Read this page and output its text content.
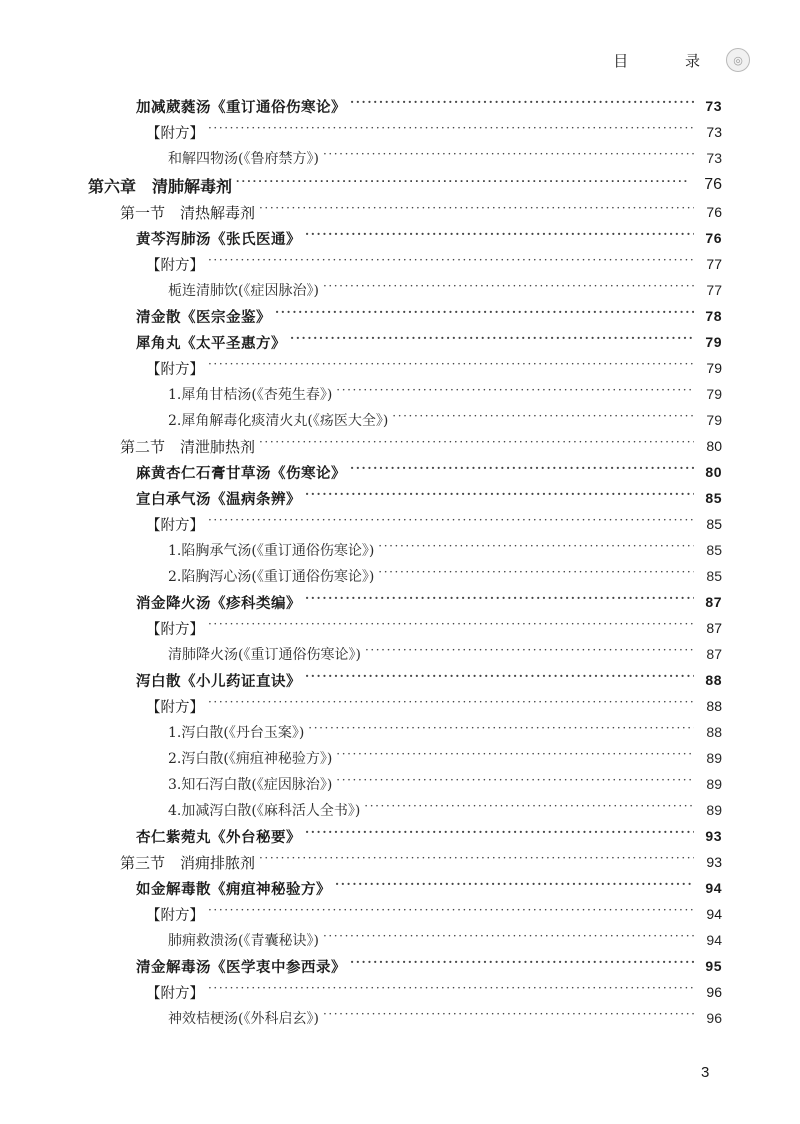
目 录 ◎
加减葳蕤汤《重订通俗伤寒论》 ·····	73
【附方】 ·····	73
和解四物汤(《鲁府禁方》) ·····	73
第六章　清肺解毒剂 ·····	76
第一节　清热解毒剂 ·····	76
黄芩泻肺汤《张氏医通》 ·····	76
【附方】 ·····	77
栀连清肺饮(《症因脉治》) ·····	77
清金散《医宗金鉴》 ·····	78
犀角丸《太平圣惠方》 ·····	79
【附方】 ·····	79
1.犀角甘桔汤(《杏苑生春》) ·····	79
2.犀角解毒化痰清火丸(《疡医大全》) ·····	79
第二节　清泄肺热剂 ·····	80
麻黄杏仁石膏甘草汤《伤寒论》 ·····	80
宣白承气汤《温病条辨》 ·····	85
【附方】 ·····	85
1.陷胸承气汤(《重订通俗伤寒论》) ·····	85
2.陷胸泻心汤(《重订通俗伤寒论》) ·····	85
消金降火汤《疹科类编》 ·····	87
【附方】 ·····	87
清肺降火汤(《重订通俗伤寒论》) ·····	87
泻白散《小儿药证直诀》 ·····	88
【附方】 ·····	88
1.泻白散(《丹台玉案》) ·····	88
2.泻白散(《痈疽神秘验方》) ·····	89
3.知石泻白散(《症因脉治》) ·····	89
4.加减泻白散(《麻科活人全书》) ·····	89
杏仁紫菀丸《外台秘要》 ·····	93
第三节　消痈排脓剂 ·····	93
如金解毒散《痈疽神秘验方》 ·····	94
【附方】 ·····	94
肺痈救溃汤(《青囊秘诀》) ·····	94
清金解毒汤《医学衷中参西录》 ·····	95
【附方】 ·····	96
神效桔梗汤(《外科启玄》) ·····	96
3
